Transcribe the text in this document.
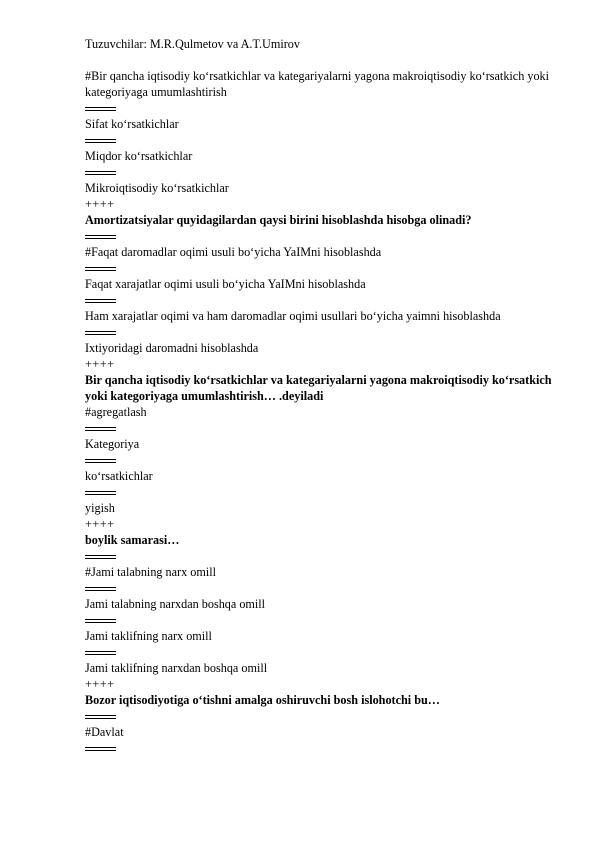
Tuzuvchilar: M.R.Qulmetov va A.T.Umirov
#Bir qancha iqtisodiy ko‘rsatkichlar va kategariyalarni yagona makroiqtisodiy ko‘rsatkich yoki kategoriyaga umumlashtirish
Sifat ko‘rsatkichlar
Miqdor ko‘rsatkichlar
Mikroiqtisodiy ko‘rsatkichlar
++++
Amortizatsiyalar quyidagilardan qaysi birini hisoblashda hisobga olinadi?
#Faqat daromadlar oqimi usuli bo‘yicha YaIMni hisoblashda
Faqat xarajatlar oqimi usuli bo‘yicha YaIMni hisoblashda
Ham xarajatlar oqimi va ham daromadlar oqimi usullari bo‘yicha yaimni hisoblashda
Ixtiyoridagi daromadni hisoblashda
++++
Bir qancha iqtisodiy ko‘rsatkichlar va kategariyalarni yagona makroiqtisodiy ko‘rsatkich yoki kategoriyaga umumlashtirish… .deyiladi
#agregatlash
Kategoriya
ko‘rsatkichlar
yigish
++++
boylik samarasi…
#Jami talabning narx omill
Jami talabning narxdan boshqa omill
Jami taklifning narx omill
Jami taklifning narxdan boshqa omill
++++
Bozor iqtisodiyotiga o‘tishni amalga oshiruvchi bosh islohotchi bu…
#Davlat
